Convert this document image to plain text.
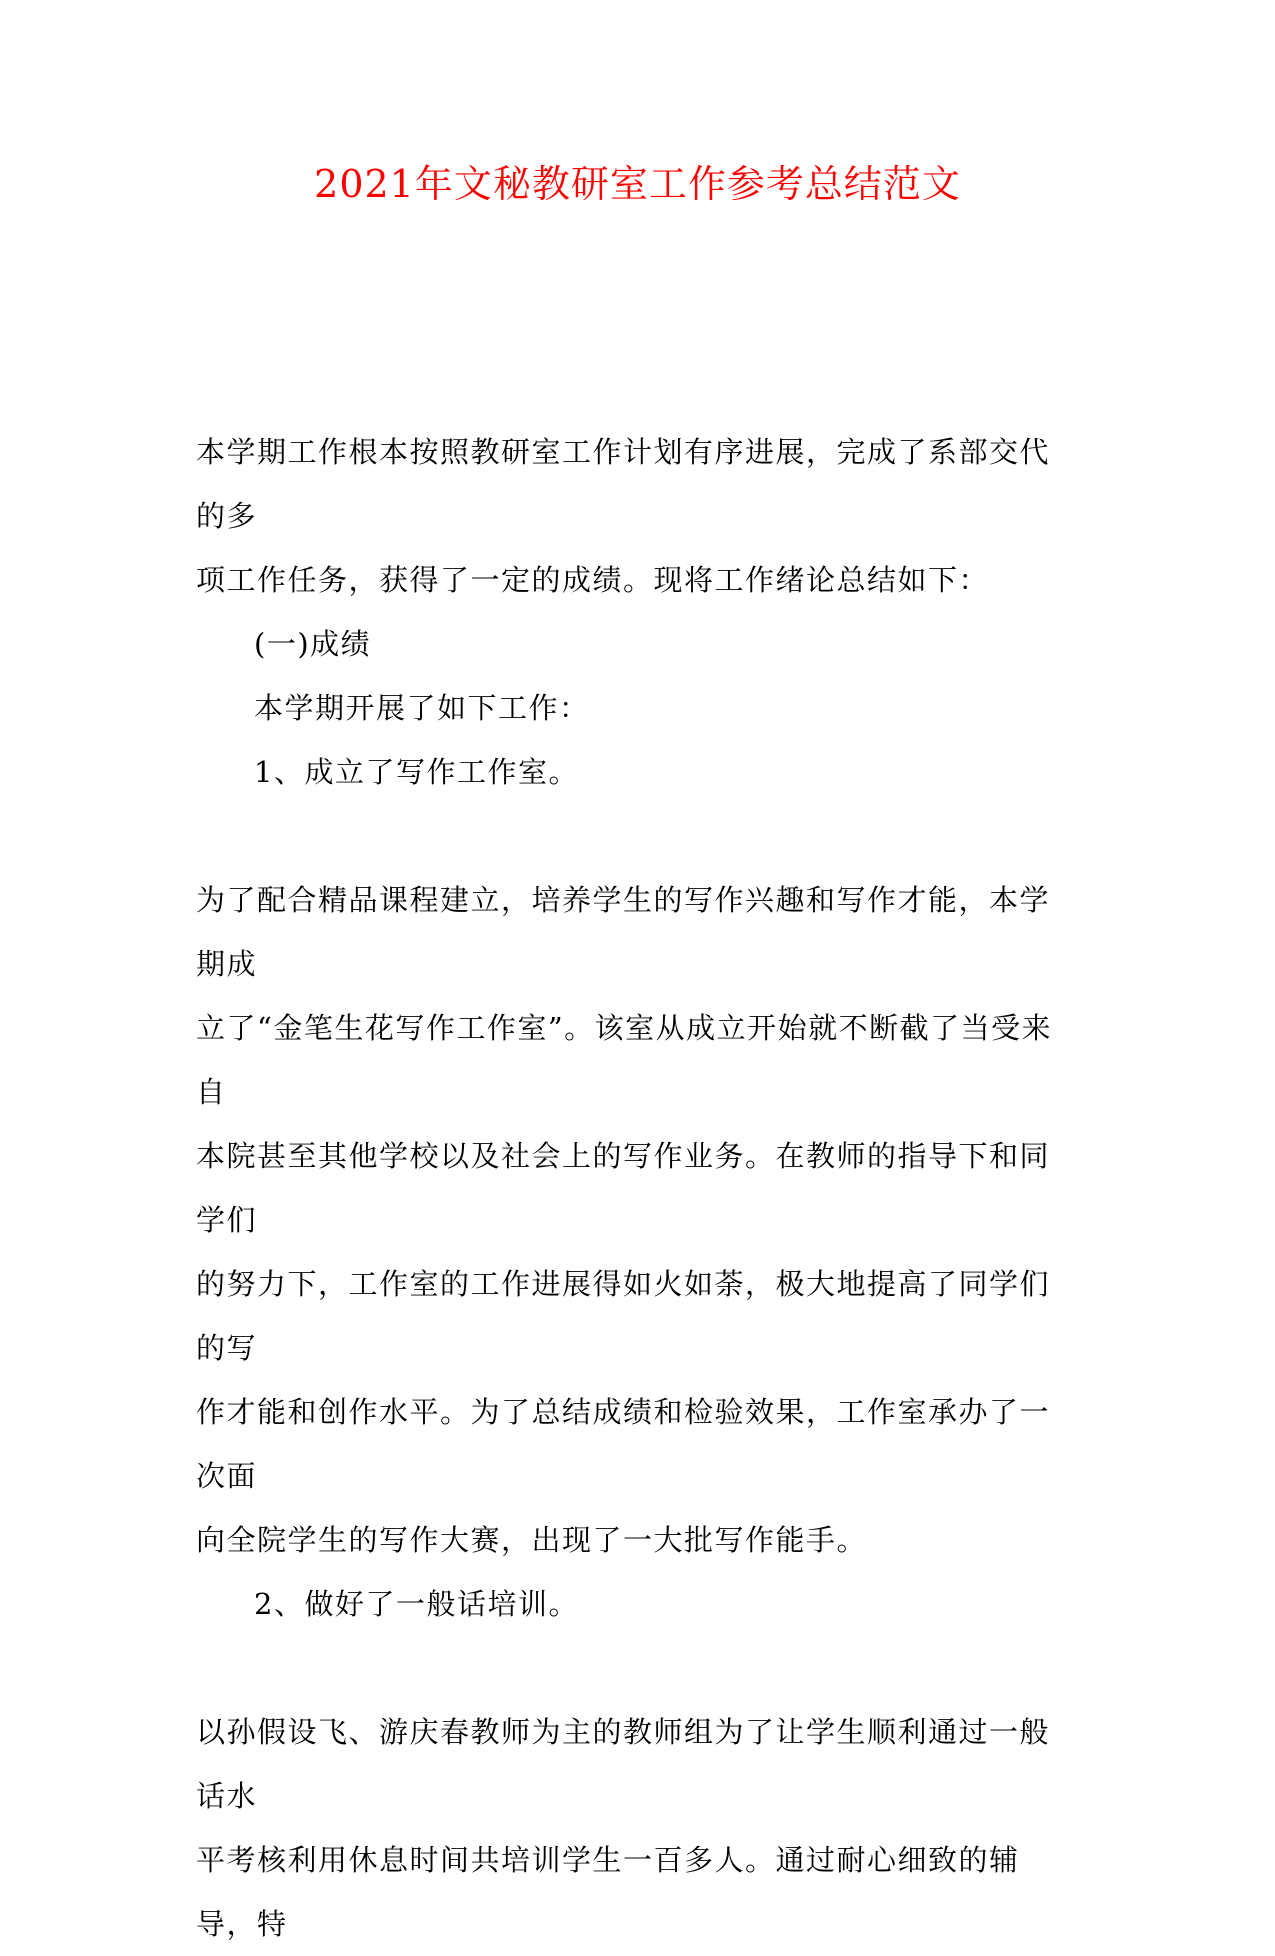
2021年文秘教研室工作参考总结范文

本学期工作根本按照教研室工作计划有序进展，完成了系部交代的多

项工作任务，获得了一定的成绩。现将工作绪论总结如下：

(一)成绩

本学期开展了如下工作：

1、成立了写作工作室。

为了配合精品课程建立，培养学生的写作兴趣和写作才能，本学期成

立了“金笔生花写作工作室”。该室从成立开始就不断截了当受来自

本院甚至其他学校以及社会上的写作业务。在教师的指导下和同学们

的努力下，工作室的工作进展得如火如荼，极大地提高了同学们的写

作才能和创作水平。为了总结成绩和检验效果，工作室承办了一次面

向全院学生的写作大赛，出现了一大批写作能手。

2、做好了一般话培训。

以孙假设飞、游庆春教师为主的教师组为了让学生顺利通过一般话水

平考核利用休息时间共培训学生一百多人。通过耐心细致的辅导，特
